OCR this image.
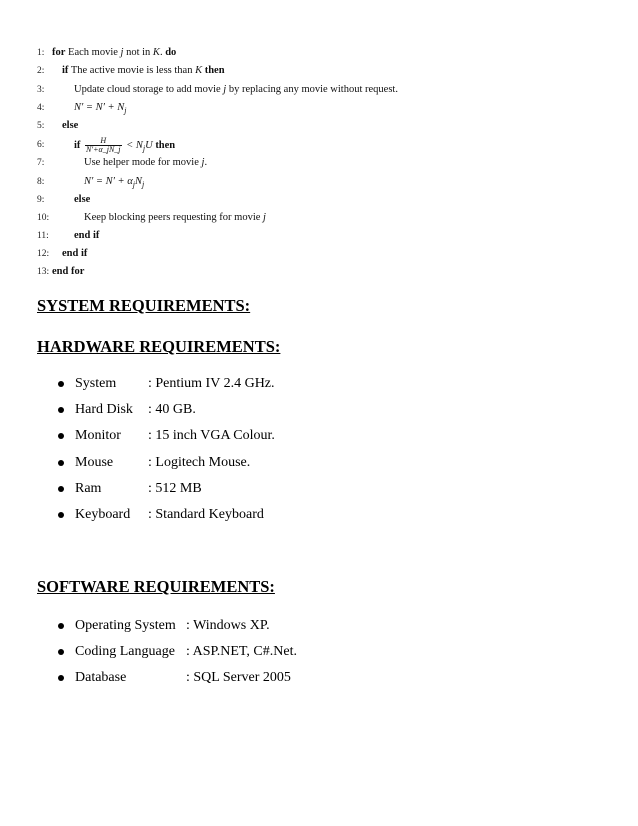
1: for Each movie j not in K. do
2:	if The active movie is less than K then
3:	Update cloud storage to add movie j by replacing any movie without request.
4:	$N' = N' + N_j$
5:	else
6:	if $\frac{H}{N'+\alpha\_jN\_j} < N_jU$ then
7:	Use helper mode for movie j.
8:	$N' = N' + \alpha_jN_j$
9:	else
10:	Keep blocking peers requesting for movie j
11:	end if
12:	end if
13: end for
SYSTEM REQUIREMENTS:
HARDWARE REQUIREMENTS:
System : Pentium IV 2.4 GHz.
Hard Disk : 40 GB.
Monitor : 15 inch VGA Colour.
Mouse : Logitech Mouse.
Ram	: 512 MB
Keyboard : Standard Keyboard
SOFTWARE REQUIREMENTS:
Operating System : Windows XP.
Coding Language : ASP.NET, C#.Net.
Database	: SQL Server 2005
